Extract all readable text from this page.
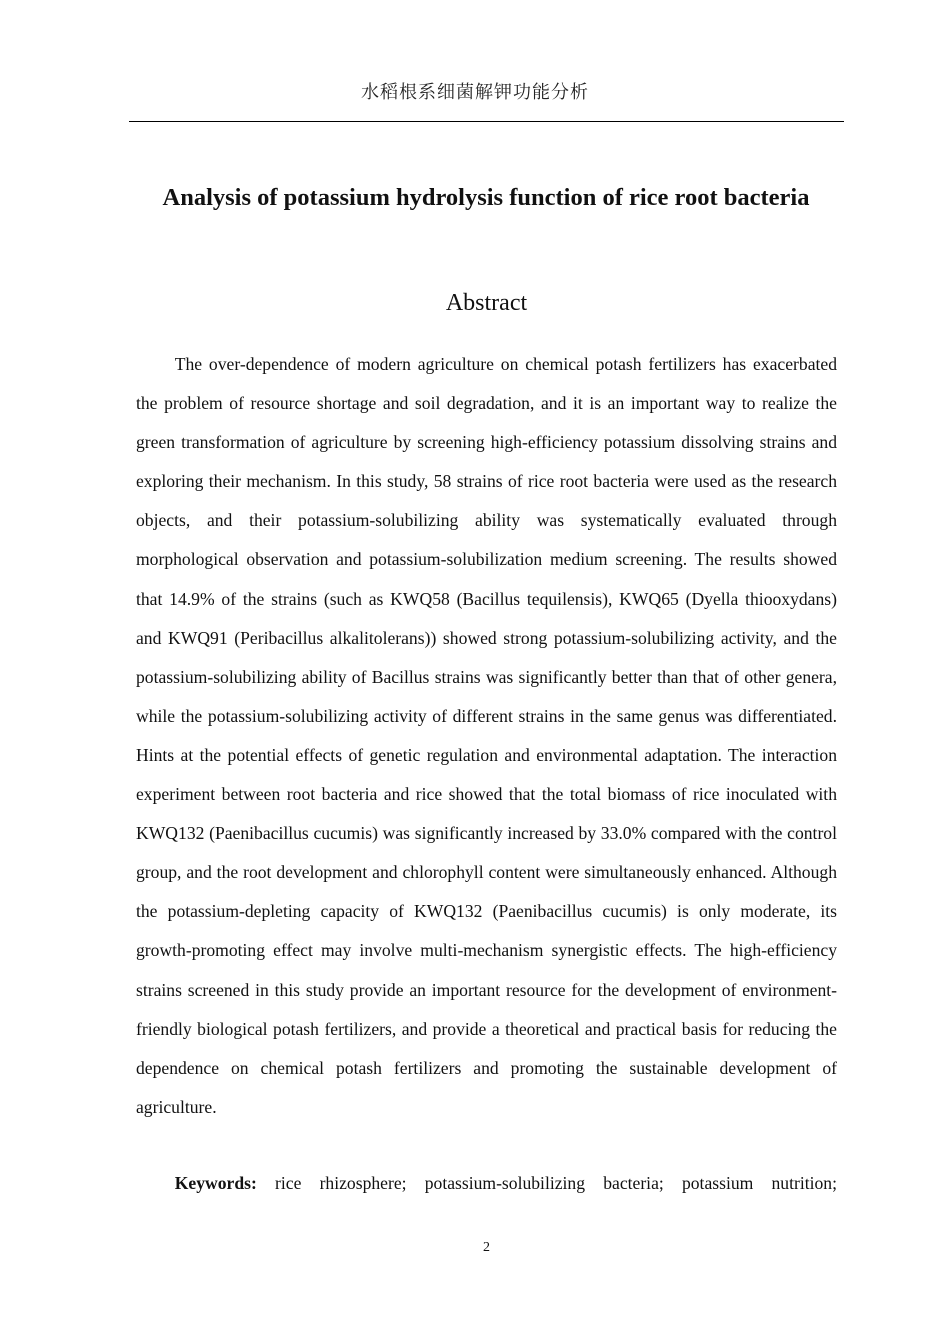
水稻根系细菌解钾功能分析
Analysis of potassium hydrolysis function of rice root bacteria
Abstract

The over-dependence of modern agriculture on chemical potash fertilizers has exacerbated the problem of resource shortage and soil degradation, and it is an important way to realize the green transformation of agriculture by screening high-efficiency potassium dissolving strains and exploring their mechanism. In this study, 58 strains of rice root bacteria were used as the research objects, and their potassium-solubilizing ability was systematically evaluated through morphological observation and potassium-solubilization medium screening. The results showed that 14.9% of the strains (such as KWQ58 (Bacillus tequilensis), KWQ65 (Dyella thiooxydans) and KWQ91 (Peribacillus alkalitolerans)) showed strong potassium-solubilizing activity, and the potassium-solubilizing ability of Bacillus strains was significantly better than that of other genera, while the potassium-solubilizing activity of different strains in the same genus was differentiated. Hints at the potential effects of genetic regulation and environmental adaptation. The interaction experiment between root bacteria and rice showed that the total biomass of rice inoculated with KWQ132 (Paenibacillus cucumis) was significantly increased by 33.0% compared with the control group, and the root development and chlorophyll content were simultaneously enhanced. Although the potassium-depleting capacity of KWQ132 (Paenibacillus cucumis) is only moderate, its growth-promoting effect may involve multi-mechanism synergistic effects. The high-efficiency strains screened in this study provide an important resource for the development of environment-friendly biological potash fertilizers, and provide a theoretical and practical basis for reducing the dependence on chemical potash fertilizers and promoting the sustainable development of agriculture.

Keywords: rice rhizosphere; potassium-solubilizing bacteria; potassium nutrition;

2
